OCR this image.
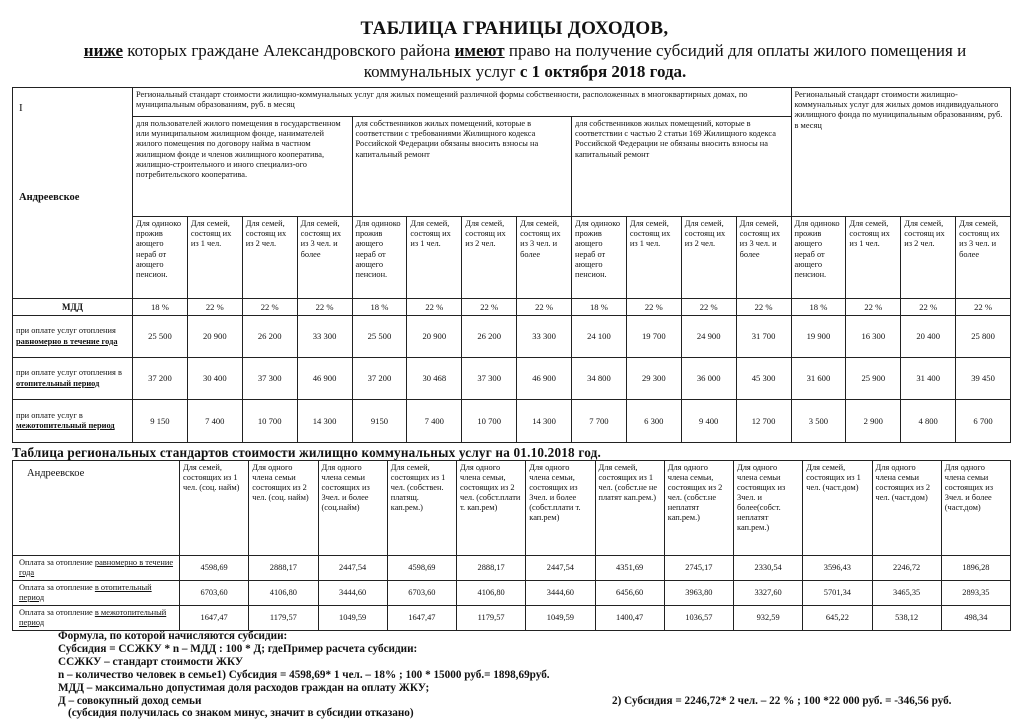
ТАБЛИЦА ГРАНИЦЫ ДОХОДОВ,
ниже которых граждане Александровского района имеют право на получение субсидий для оплаты жилого помещения и
коммунальных услуг с 1 октября 2018 года.
I
Андреевское	Региональный стандарт стоимости жилищно-коммунальных услуг для жилых помещений различной формы собственности, расположенных в многоквартирных домах, по муниципальным образованиям, руб. в месяц												Региональный стандарт стоимости жилищно-коммунальных услуг для жилых домов индивидуального жилищного фонда по муниципальным образованиям, руб. в месяц			
	для пользователей жилого помещения в государственном или муниципальном жилищном фонде, нанимателей жилого помещения по договору найма в частном жилищном фонде и членов жилищного кооператива, жилищно-строительного и иного специализ-ого потребительского кооператива.				для собственников жилых помещений, которые в соответствии с требованиями Жилищного кодекса Российской Федерации обязаны вносить взносы на капитальный ремонт				для собственников жилых помещений, которые в соответствии с частью 2 статьи 169 Жилищного кодекса Российской Федерации не обязаны вносить взносы на капитальный ремонт							
	Для одиноко прожив ающего нераб от ающего пенсион.	Для семей, состоящ их из 1 чел.	Для семей, состоящ их из 2 чел.	Для семей, состоящ их из 3 чел. и более	Для одиноко прожив ающего нераб от ающего пенсион.	Для семей, состоящ их из 1 чел.	Для семей, состоящ их из 2 чел.	Для семей, состоящ их из 3 чел. и более	Для одиноко прожив ающего нераб от ающего пенсион.	Для семей, состоящ их из 1 чел.	Для семей, состоящ их из 2 чел.	Для семей, состоящ их из 3 чел. и более	Для одиноко прожив ающего нераб от ающего пенсион.	Для семей, состоящ их из 1 чел.	Для семей, состоящ их из 2 чел.	Для семей, состоящ их из 3 чел. и более
МДД	18 %	22 %	22 %	22 %	18 %	22 %	22 %	22 %	18 %	22 %	22 %	22 %	18 %	22 %	22 %	22 %
при оплате услуг отопления равномерно в течение года	25 500	20 900	26 200	33 300	25 500	20 900	26 200	33 300	24 100	19 700	24 900	31 700	19 900	16 300	20 400	25 800
при оплате услуг отопления в отопительный период	37 200	30 400	37 300	46 900	37 200	30 468	37 300	46 900	34 800	29 300	36 000	45 300	31 600	25 900	31 400	39 450
при оплате услуг в межотопительный период	9 150	7 400	10 700	14 300	9150	7 400	10 700	14 300	7 700	6 300	9 400	12 700	3 500	2 900	4 800	6 700
Таблица региональных стандартов стоимости жилищно коммунальных услуг на 01.10.2018 год.
Андреевское	Для семей, состоящих из 1 чел. (соц. найм)	Для одного члена семьи состоящих из 2 чел. (соц. найм)	Для одного члена семьи состоящих из 3чел. и более (соц.найм)	Для семей, состоящих из 1 чел. (собствен. платящ. кап.рем.)	Для одного члена семьи, состоящих из 2 чел. (собст.плати т. кап.рем)	Для одного члена семьи, состоящих из 3чел. и более (собст.плати т. кап.рем)	Для семей, состоящих из 1 чел. (собст.не не платят кап.рем.)	Для одного члена семьи, состоящих из 2 чел. (собст.не неплатят кап.рем.)	Для одного члена семьи состоящих из 3чел. и более(собст. неплатят кап.рем.)	Для семей, состоящих из 1 чел. (част.дом)	Для одного члена семьи состоящих из 2 чел. (част.дом)	Для одного члена семьи состоящих из 3чел. и более (част.дом)
Оплата за отопление равномерно в течение года	4598,69	2888,17	2447,54	4598,69	2888,17	2447,54	4351,69	2745,17	2330,54	3596,43	2246,72	1896,28
Оплата за отопление в отопительный период	6703,60	4106,80	3444,60	6703,60	4106,80	3444,60	6456,60	3963,80	3327,60	5701,34	3465,35	2893,35
Оплата за отопление в межотопительный период	1647,47	1179,57	1049,59	1647,47	1179,57	1049,59	1400,47	1036,57	932,59	645,22	538,12	498,34
Формула, по которой начисляются субсидии:
Субсидия = ССЖКУ * n – МДД : 100 * Д; гдеПример расчета субсидии:
ССЖКУ – стандарт стоимости ЖКУ
n – количество человек в семье1) Субсидия = 4598,69* 1 чел. – 18% ; 100 * 15000 руб.= 1898,69руб.
МДД – максимально допустимая доля расходов граждан на оплату ЖКУ;
Д – совокупный доход семьи
(субсидия получилась со знаком минус, значит в субсидии отказано)
2) Субсидия = 2246,72* 2 чел. – 22 % ; 100 *22 000 руб. = -346,56 руб.
